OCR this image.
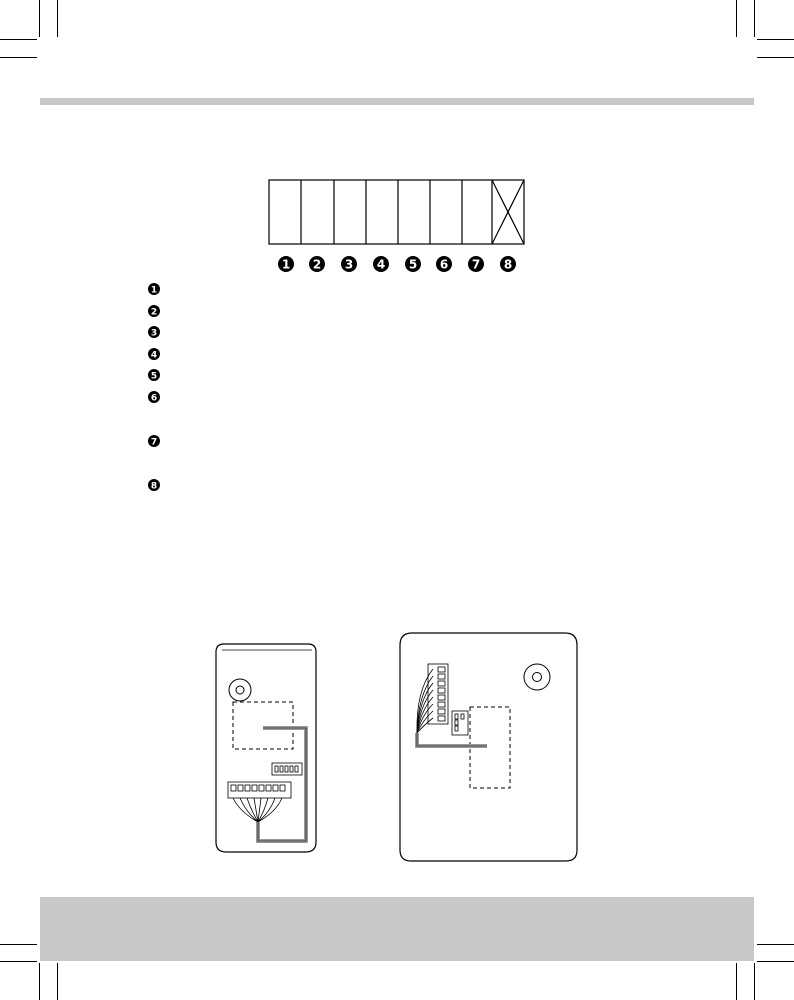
1 2 3 4 5 6 7 8
1
2
3
4
5
6
7
8
